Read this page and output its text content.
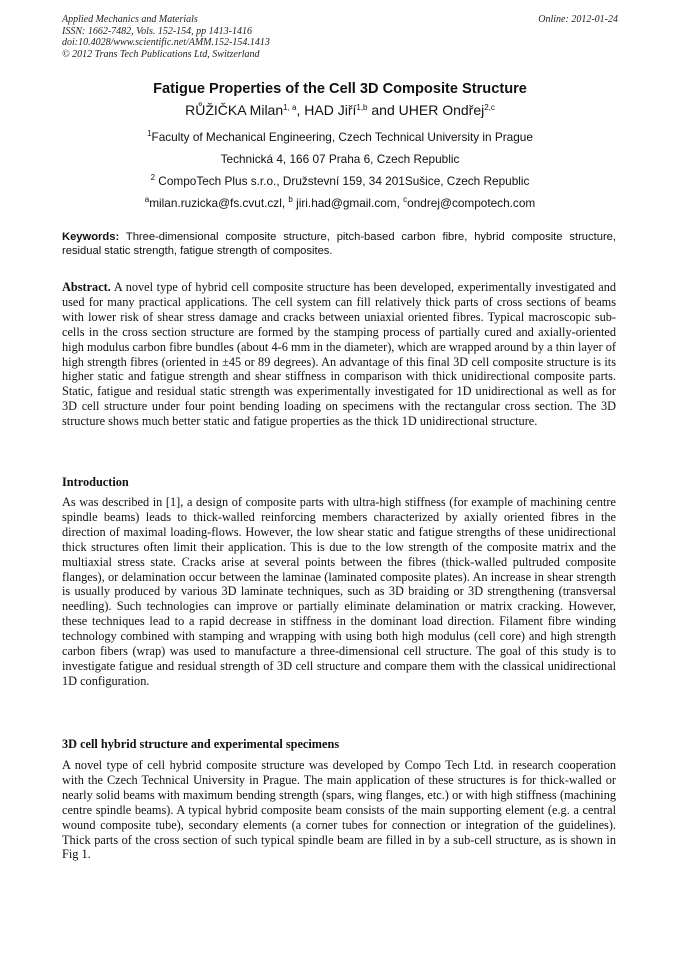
Applied Mechanics and Materials
ISSN: 1662-7482, Vols. 152-154, pp 1413-1416
doi:10.4028/www.scientific.net/AMM.152-154.1413
© 2012 Trans Tech Publications Ltd, Switzerland
Online: 2012-01-24
Fatigue Properties of the Cell 3D Composite Structure
RŮŽIČKA Milan$^{1, a}$, HAD Jiří$^{1,b}$ and UHER Ondřej$^{2,c}$
$^1$Faculty of Mechanical Engineering, Czech Technical University in Prague
Technická 4, 166 07 Praha 6, Czech Republic
$^2$ CompoTech Plus s.r.o., Družstevní 159, 34 201Sušice, Czech Republic
$^a$milan.ruzicka@fs.cvut.czl, $^b$ jiri.had@gmail.com, $^c$ondrej@compotech.com
Keywords: Three-dimensional composite structure, pitch-based carbon fibre, hybrid composite structure, residual static strength, fatigue strength of composites.
Abstract. A novel type of hybrid cell composite structure has been developed, experimentally investigated and used for many practical applications. The cell system can fill relatively thick parts of cross sections of beams with lower risk of shear stress damage and cracks between uniaxial oriented fibres. Typical macroscopic sub-cells in the cross section structure are formed by the stamping process of partially cured and axially-oriented high modulus carbon fibre bundles (about 4-6 mm in the diameter), which are wrapped around by a thin layer of high strength fibres (oriented in ±45 or 89 degrees). An advantage of this final 3D cell composite structure is its higher static and fatigue strength and shear stiffness in comparison with thick unidirectional composite parts. Static, fatigue and residual static strength was experimentally investigated for 1D unidirectional as well as for 3D cell structure under four point bending loading on specimens with the rectangular cross section. The 3D structure shows much better static and fatigue properties as the thick 1D unidirectional structure.
Introduction
As was described in [1], a design of composite parts with ultra-high stiffness (for example of machining centre spindle beams) leads to thick-walled reinforcing members characterized by axially oriented fibres in the direction of maximal loading-flows. However, the low shear static and fatigue strengths of these unidirectional thick structures often limit their application. This is due to the low strength of the composite matrix and the multiaxial stress state. Cracks arise at several points between the fibres (thick-walled pultruded composite flanges), or delamination occur between the laminae (laminated composite plates). An increase in shear strength is usually produced by various 3D laminate techniques, such as 3D braiding or 3D strengthening (transversal needling). Such technologies can improve or partially eliminate delamination or matrix cracking. However, these techniques lead to a rapid decrease in stiffness in the dominant load direction. Filament fibre winding technology combined with stamping and wrapping with using both high modulus (cell core) and high strength carbon fibers (wrap) was used to manufacture a three-dimensional cell structure. The goal of this study is to investigate fatigue and residual strength of 3D cell structure and compare them with the classical unidirectional 1D configuration.
3D cell hybrid structure and experimental specimens
A novel type of cell hybrid composite structure was developed by Compo Tech Ltd. in research cooperation with the Czech Technical University in Prague. The main application of these structures is for thick-walled or nearly solid beams with maximum bending strength (spars, wing flanges, etc.) or with high stiffness (machining centre spindle beams). A typical hybrid composite beam consists of the main supporting element (e.g. a central wound composite tube), secondary elements (a corner tubes for connection or integration of the guidelines). Thick parts of the cross section of such typical spindle beam are filled in by a sub-cell structure, as is shown in Fig 1.
